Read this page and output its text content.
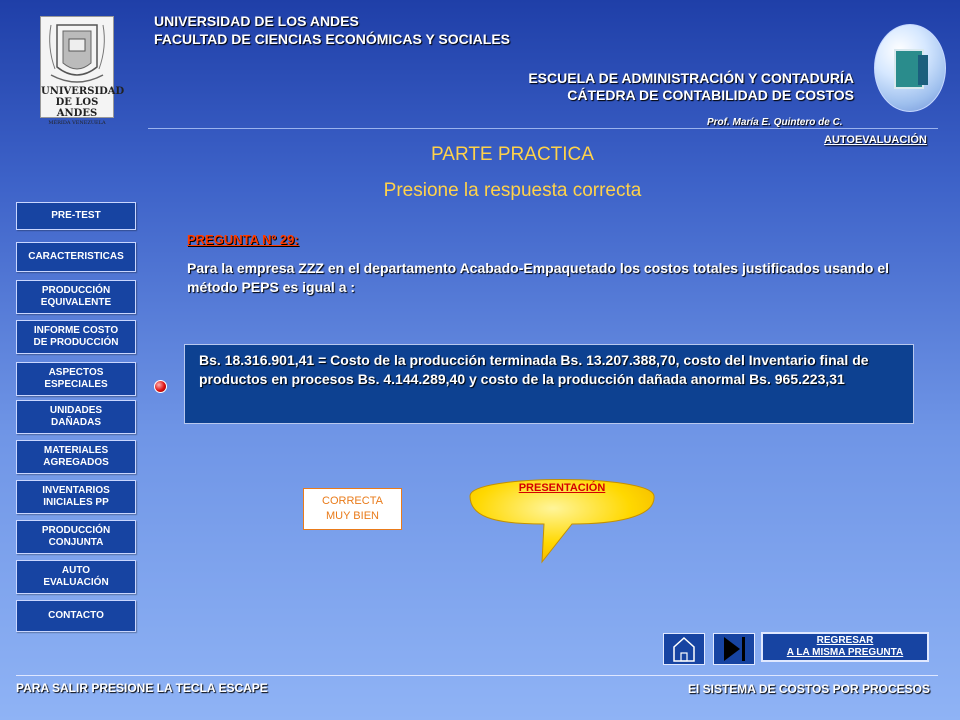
UNIVERSIDAD
DE LOS ANDES
MÉRIDA VENEZUELA
UNIVERSIDAD DE LOS ANDES
FACULTAD DE CIENCIAS ECONÓMICAS Y SOCIALES
ESCUELA DE ADMINISTRACIÓN Y CONTADURÍA
CÁTEDRA DE CONTABILIDAD DE COSTOS
Prof. María E. Quintero de C.
AUTOEVALUACIÓN
PARTE PRACTICA
Presione la respuesta correcta
PRE-TEST
CARACTERISTICAS
PRODUCCIÓN
EQUIVALENTE
INFORME COSTO
DE PRODUCCIÓN
ASPECTOS
ESPECIALES
UNIDADES
DAÑADAS
MATERIALES
AGREGADOS
INVENTARIOS
INICIALES PP
PRODUCCIÓN
CONJUNTA
AUTO
EVALUACIÓN
CONTACTO
PREGUNTA Nº 29:
Para la empresa ZZZ en el departamento Acabado-Empaquetado los costos totales justificados usando el método PEPS es igual a :
Bs. 18.316.901,41 = Costo de la producción terminada Bs. 13.207.388,70, costo del Inventario final de productos en procesos Bs. 4.144.289,40 y costo de la producción dañada anormal Bs. 965.223,31
CORRECTA
MUY BIEN
PRESENTACIÓN
REGRESAR
A LA MISMA PREGUNTA
PARA SALIR PRESIONE LA TECLA ESCAPE	El SISTEMA DE COSTOS POR PROCESOS
